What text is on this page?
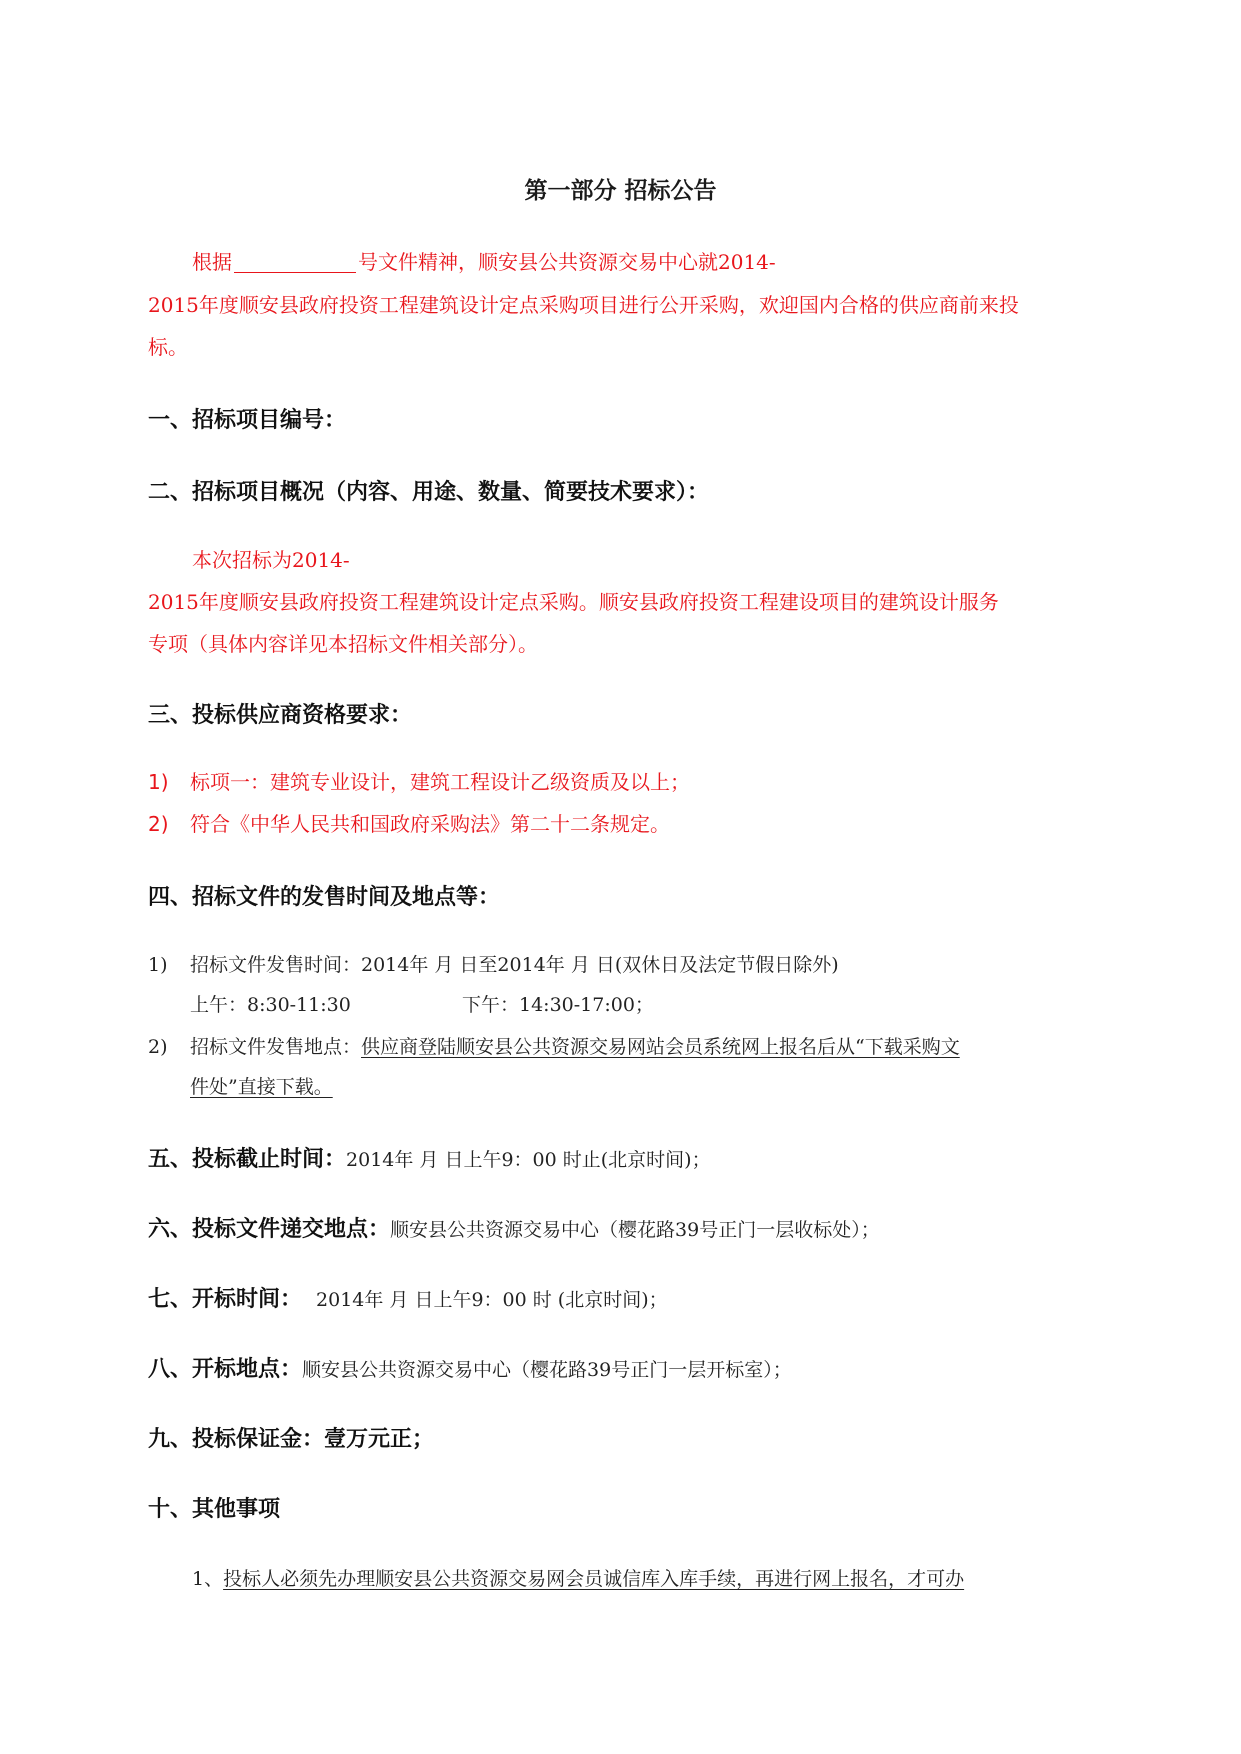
第一部分 招标公告
根据	号文件精神，顺安县公共资源交易中心就2014-
2015年度顺安县政府投资工程建筑设计定点采购项目进行公开采购，欢迎国内合格的供应商前来投
标。
一、招标项目编号：
二、招标项目概况（内容、用途、数量、简要技术要求）：
本次招标为2014-
2015年度顺安县政府投资工程建筑设计定点采购。顺安县政府投资工程建设项目的建筑设计服务
专项（具体内容详见本招标文件相关部分）。
三、投标供应商资格要求：
1) 标项一：建筑专业设计，建筑工程设计乙级资质及以上；
2) 符合《中华人民共和国政府采购法》第二十二条规定。
四、招标文件的发售时间及地点等：
1) 招标文件发售时间：2014年 月 日至2014年 月 日(双休日及法定节假日除外)
上午：8:30-11:30	下午：14:30-17:00；
2) 招标文件发售地点：供应商登陆顺安县公共资源交易网站会员系统网上报名后从“下载采购文
件处”直接下载。
五、投标截止时间：2014年 月 日上午9：00 时止(北京时间)；
六、投标文件递交地点：顺安县公共资源交易中心（樱花路39号正门一层收标处）；
七、开标时间： 2014年 月 日上午9：00 时 (北京时间)；
八、开标地点：顺安县公共资源交易中心（樱花路39号正门一层开标室）；
九、投标保证金：壹万元正；
十、其他事项
1、投标人必须先办理顺安县公共资源交易网会员诚信库入库手续，再进行网上报名，才可办
